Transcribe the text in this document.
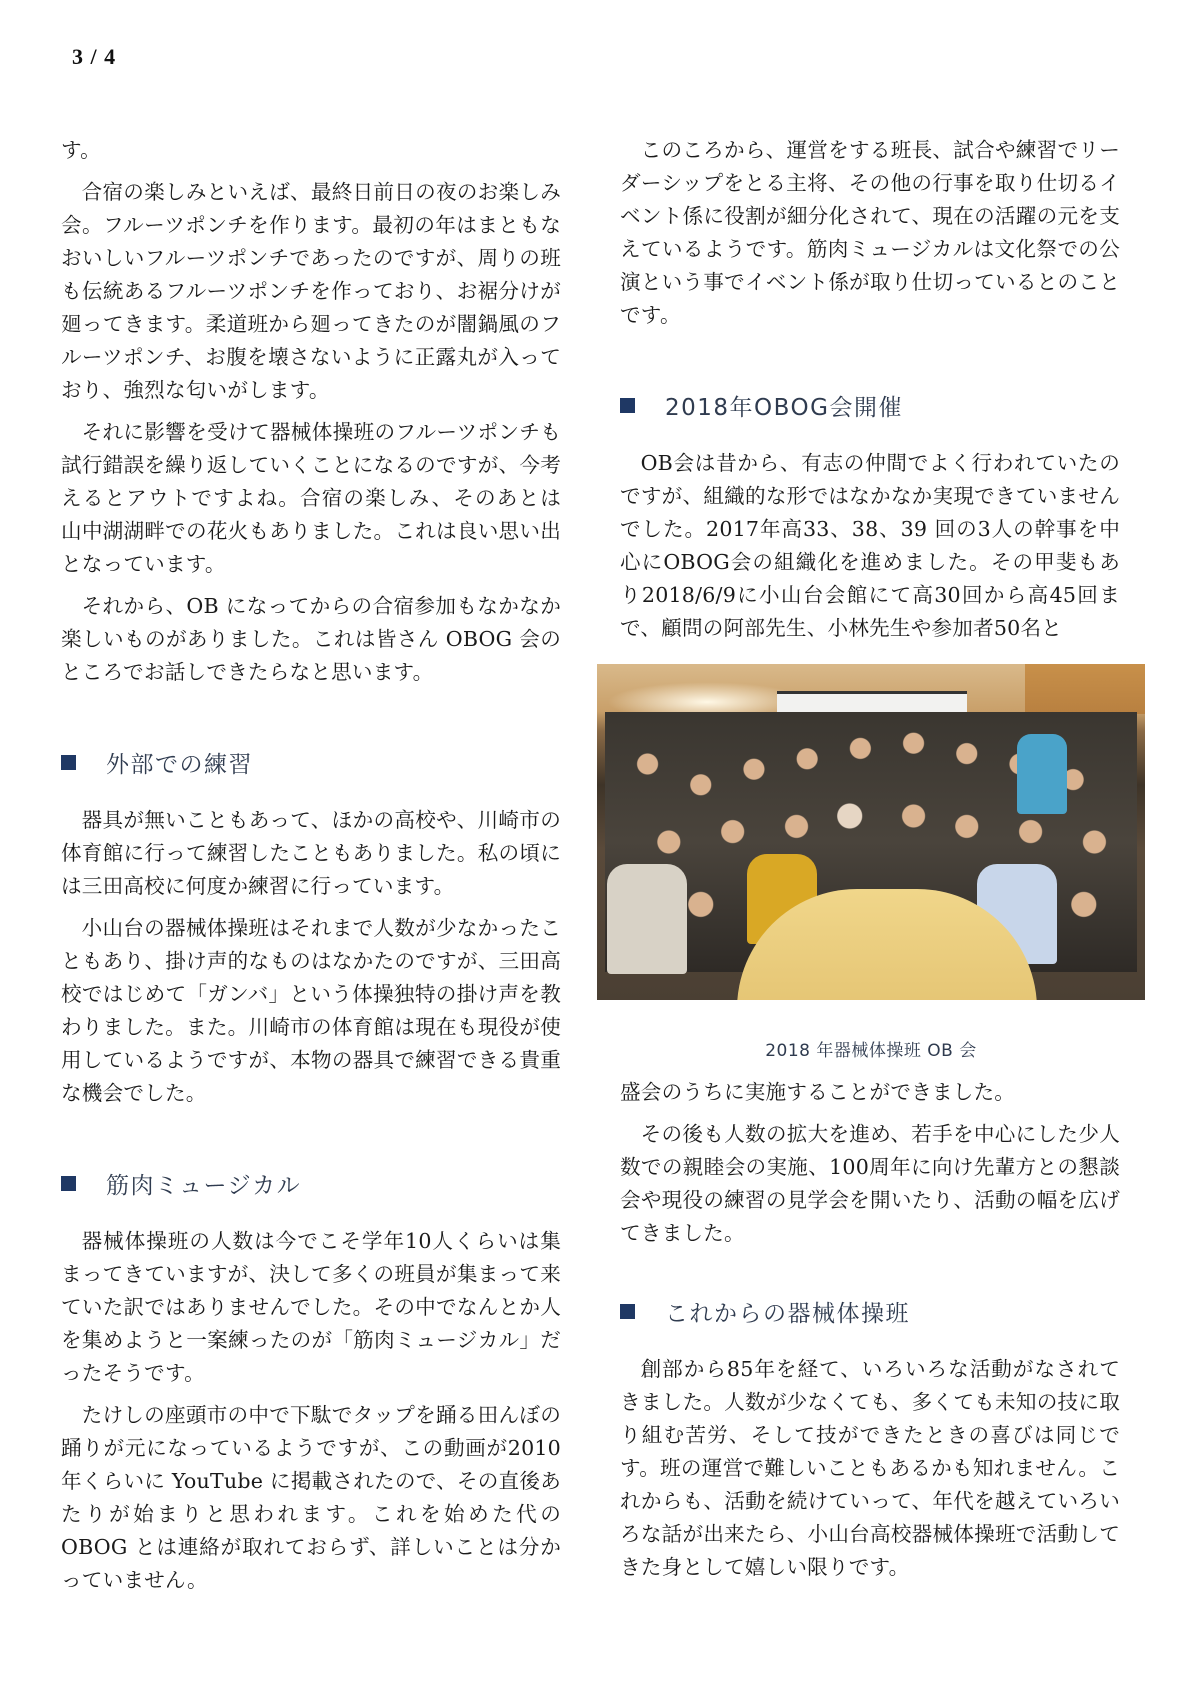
3 / 4

す。

合宿の楽しみといえば、最終日前日の夜のお楽しみ会。フルーツポンチを作ります。最初の年はまともなおいしいフルーツポンチであったのですが、周りの班も伝統あるフルーツポンチを作っており、お裾分けが廻ってきます。柔道班から廻ってきたのが闇鍋風のフルーツポンチ、お腹を壊さないように正露丸が入っており、強烈な匂いがします。

それに影響を受けて器械体操班のフルーツポンチも試行錯誤を繰り返していくことになるのですが、今考えるとアウトですよね。合宿の楽しみ、そのあとは山中湖湖畔での花火もありました。これは良い思い出となっています。

それから、OB になってからの合宿参加もなかなか楽しいものがありました。これは皆さん OBOG 会のところでお話しできたらなと思います。

外部での練習

器具が無いこともあって、ほかの高校や、川崎市の体育館に行って練習したこともありました。私の頃には三田高校に何度か練習に行っています。

小山台の器械体操班はそれまで人数が少なかったこともあり、掛け声的なものはなかたのですが、三田高校ではじめて「ガンバ」という体操独特の掛け声を教わりました。また。川崎市の体育館は現在も現役が使用しているようですが、本物の器具で練習できる貴重な機会でした。

筋肉ミュージカル

器械体操班の人数は今でこそ学年10人くらいは集まってきていますが、決して多くの班員が集まって来ていた訳ではありませんでした。その中でなんとか人を集めようと一案練ったのが「筋肉ミュージカル」だったそうです。

たけしの座頭市の中で下駄でタップを踊る田んぼの踊りが元になっているようですが、この動画が2010年くらいに YouTube に掲載されたので、その直後あたりが始まりと思われます。これを始めた代の OBOG とは連絡が取れておらず、詳しいことは分かっていません。

このころから、運営をする班長、試合や練習でリーダーシップをとる主将、その他の行事を取り仕切るイベント係に役割が細分化されて、現在の活躍の元を支えているようです。筋肉ミュージカルは文化祭での公演という事でイベント係が取り仕切っているとのことです。

2018年OBOG会開催

OB会は昔から、有志の仲間でよく行われていたのですが、組織的な形ではなかなか実現できていませんでした。2017年高33、38、39 回の3人の幹事を中心にOBOG会の組織化を進めました。その甲斐もあり2018/6/9に小山台会館にて高30回から高45回まで、顧問の阿部先生、小林先生や参加者50名と

2018 年器械体操班 OB 会

盛会のうちに実施することができました。

その後も人数の拡大を進め、若手を中心にした少人数での親睦会の実施、100周年に向け先輩方との懇談会や現役の練習の見学会を開いたり、活動の幅を広げてきました。

これからの器械体操班

創部から85年を経て、いろいろな活動がなされてきました。人数が少なくても、多くても未知の技に取り組む苦労、そして技ができたときの喜びは同じです。班の運営で難しいこともあるかも知れません。これからも、活動を続けていって、年代を越えていろいろな話が出来たら、小山台高校器械体操班で活動してきた身として嬉しい限りです。
